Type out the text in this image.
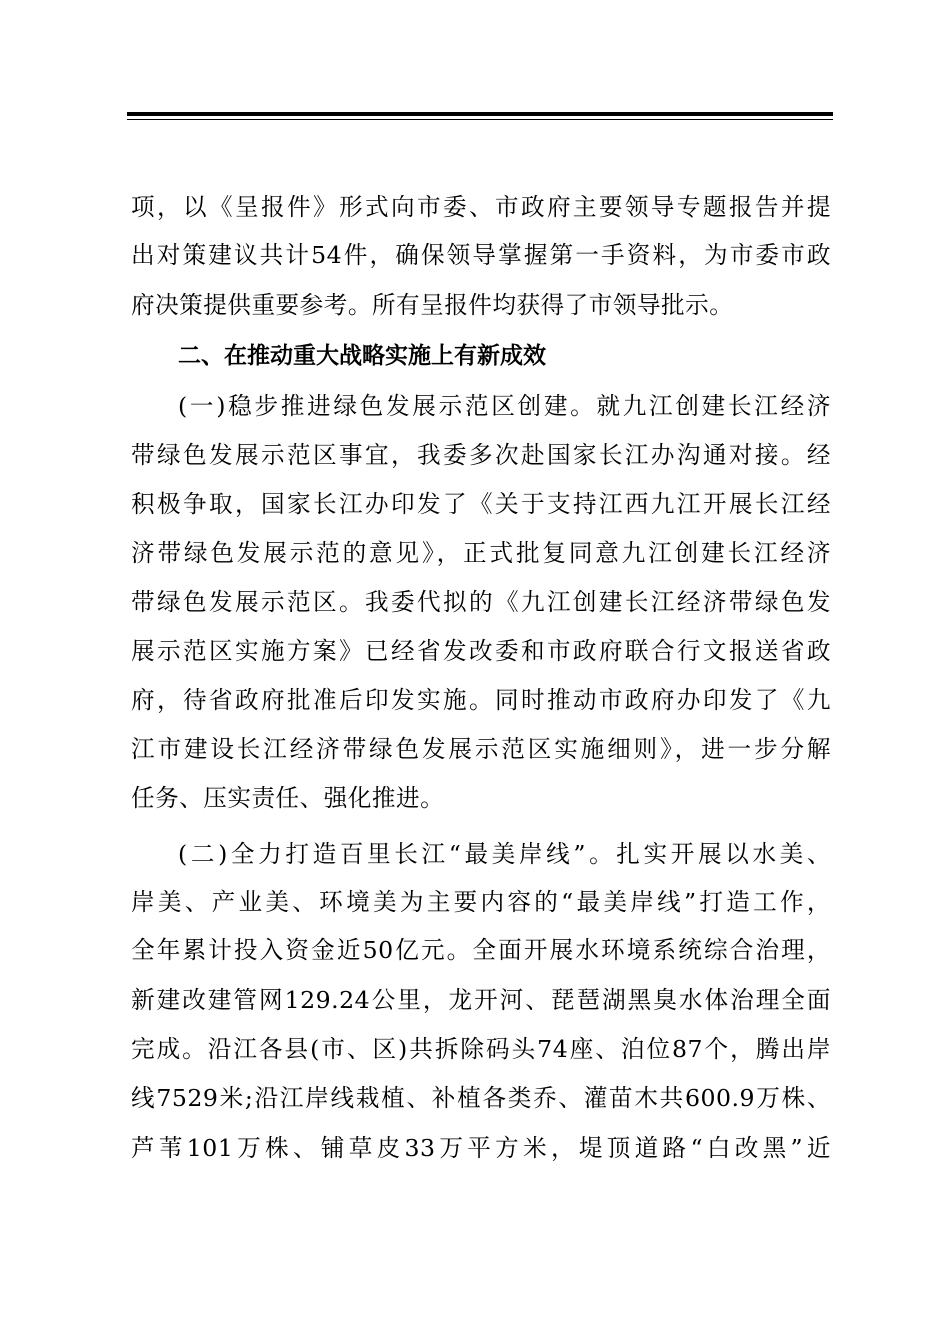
项，以《呈报件》形式向市委、市政府主要领导专题报告并提
出对策建议共计54件，确保领导掌握第一手资料，为市委市政
府决策提供重要参考。所有呈报件均获得了市领导批示。
二、在推动重大战略实施上有新成效
(一)稳步推进绿色发展示范区创建。就九江创建长江经济
带绿色发展示范区事宜，我委多次赴国家长江办沟通对接。经
积极争取，国家长江办印发了《关于支持江西九江开展长江经
济带绿色发展示范的意见》，正式批复同意九江创建长江经济
带绿色发展示范区。我委代拟的《九江创建长江经济带绿色发
展示范区实施方案》已经省发改委和市政府联合行文报送省政
府，待省政府批准后印发实施。同时推动市政府办印发了《九
江市建设长江经济带绿色发展示范区实施细则》，进一步分解
任务、压实责任、强化推进。
(二)全力打造百里长江“最美岸线”。扎实开展以水美、
岸美、产业美、环境美为主要内容的“最美岸线”打造工作，
全年累计投入资金近50亿元。全面开展水环境系统综合治理，
新建改建管网129.24公里，龙开河、琵琶湖黑臭水体治理全面
完成。沿江各县(市、区)共拆除码头74座、泊位87个，腾出岸
线7529米;沿江岸线栽植、补植各类乔、灌苗木共600.9万株、
芦苇101万株、铺草皮33万平方米，堤顶道路“白改黑”近
